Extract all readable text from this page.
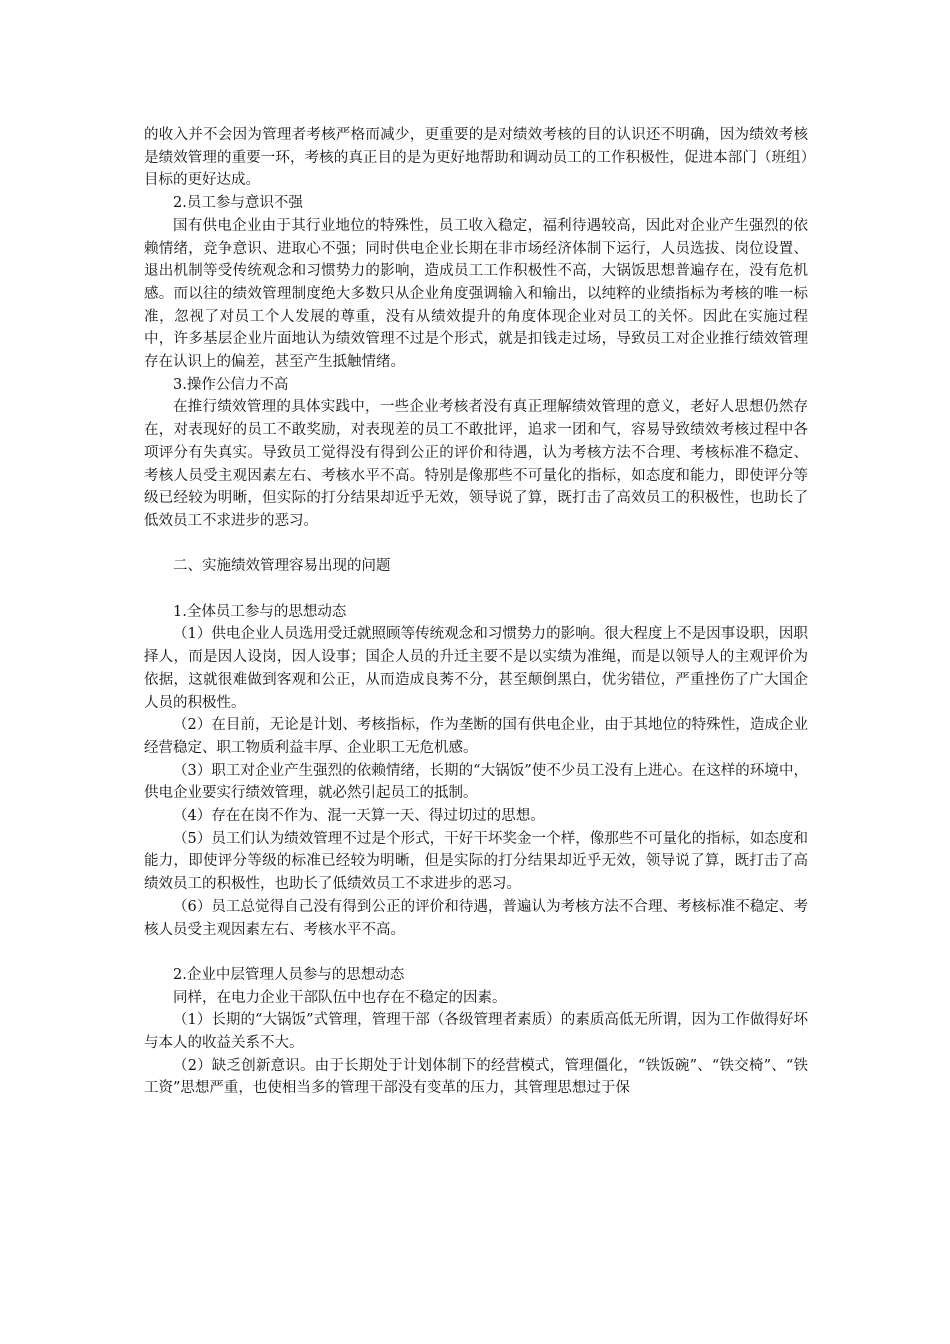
的收入并不会因为管理者考核严格而减少，更重要的是对绩效考核的目的认识还不明确，因为绩效考核是绩效管理的重要一环，考核的真正目的是为更好地帮助和调动员工的工作积极性，促进本部门（班组）目标的更好达成。

2.员工参与意识不强

国有供电企业由于其行业地位的特殊性，员工收入稳定，福利待遇较高，因此对企业产生强烈的依赖情绪，竞争意识、进取心不强；同时供电企业长期在非市场经济体制下运行，人员选拔、岗位设置、退出机制等受传统观念和习惯势力的影响，造成员工工作积极性不高，大锅饭思想普遍存在，没有危机感。而以往的绩效管理制度绝大多数只从企业角度强调输入和输出，以纯粹的业绩指标为考核的唯一标准，忽视了对员工个人发展的尊重，没有从绩效提升的角度体现企业对员工的关怀。因此在实施过程中，许多基层企业片面地认为绩效管理不过是个形式，就是扣钱走过场，导致员工对企业推行绩效管理存在认识上的偏差，甚至产生抵触情绪。

3.操作公信力不高

在推行绩效管理的具体实践中，一些企业考核者没有真正理解绩效管理的意义，老好人思想仍然存在，对表现好的员工不敢奖励，对表现差的员工不敢批评，追求一团和气，容易导致绩效考核过程中各项评分有失真实。导致员工觉得没有得到公正的评价和待遇，认为考核方法不合理、考核标准不稳定、考核人员受主观因素左右、考核水平不高。特别是像那些不可量化的指标，如态度和能力，即使评分等级已经较为明晰，但实际的打分结果却近乎无效，领导说了算，既打击了高效员工的积极性，也助长了低效员工不求进步的恶习。

二、实施绩效管理容易出现的问题

1.全体员工参与的思想动态

（1）供电企业人员选用受迁就照顾等传统观念和习惯势力的影响。很大程度上不是因事设职，因职择人，而是因人设岗，因人设事；国企人员的升迁主要不是以实绩为准绳，而是以领导人的主观评价为依据，这就很难做到客观和公正，从而造成良莠不分，甚至颠倒黑白，优劣错位，严重挫伤了广大国企人员的积极性。

（2）在目前，无论是计划、考核指标，作为垄断的国有供电企业，由于其地位的特殊性，造成企业经营稳定、职工物质利益丰厚、企业职工无危机感。

（3）职工对企业产生强烈的依赖情绪，长期的“大锅饭”使不少员工没有上进心。在这样的环境中，供电企业要实行绩效管理，就必然引起员工的抵制。

（4）存在在岗不作为、混一天算一天、得过切过的思想。

（5）员工们认为绩效管理不过是个形式，干好干坏奖金一个样，像那些不可量化的指标，如态度和能力，即使评分等级的标准已经较为明晰，但是实际的打分结果却近乎无效，领导说了算，既打击了高绩效员工的积极性，也助长了低绩效员工不求进步的恶习。

（6）员工总觉得自己没有得到公正的评价和待遇，普遍认为考核方法不合理、考核标准不稳定、考核人员受主观因素左右、考核水平不高。

2.企业中层管理人员参与的思想动态

同样，在电力企业干部队伍中也存在不稳定的因素。

（1）长期的“大锅饭”式管理，管理干部（各级管理者素质）的素质高低无所谓，因为工作做得好坏与本人的收益关系不大。

（2）缺乏创新意识。由于长期处于计划体制下的经营模式，管理僵化，“铁饭碗”、“铁交椅”、“铁工资”思想严重，也使相当多的管理干部没有变革的压力，其管理思想过于保
